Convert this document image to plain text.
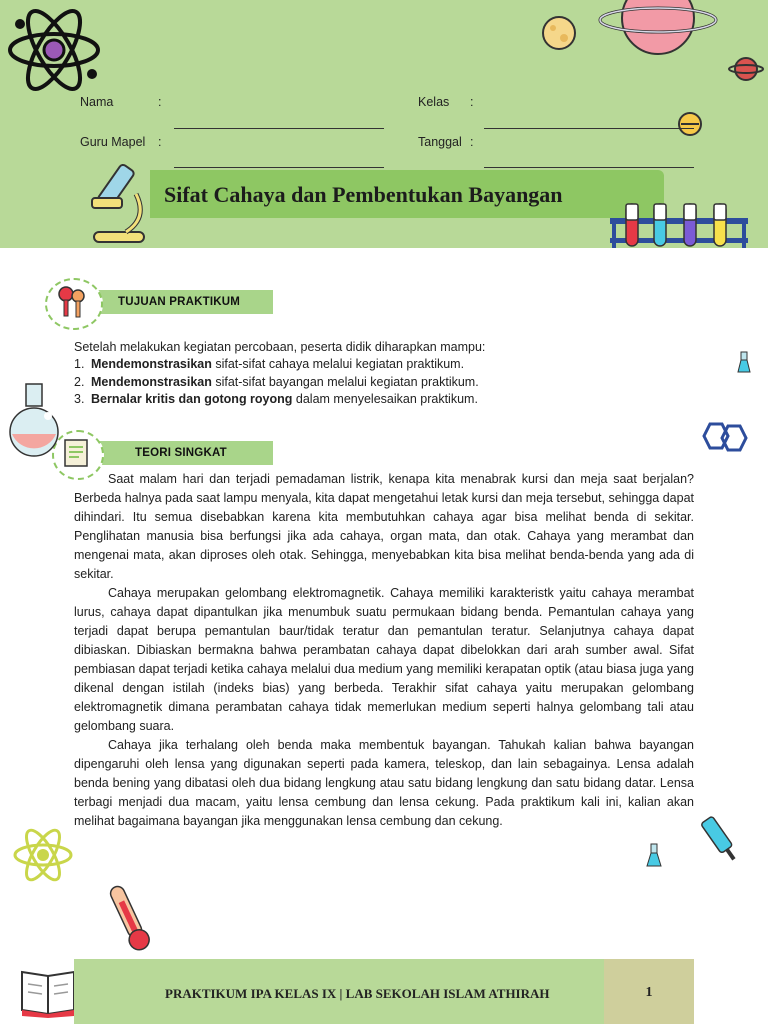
Nama	:	Kelas :
Guru Mapel :	Tanggal :
Sifat Cahaya dan Pembentukan Bayangan
TUJUAN PRAKTIKUM
Setelah melakukan kegiatan percobaan, peserta didik diharapkan mampu:
1. Mendemonstrasikan sifat-sifat cahaya melalui kegiatan praktikum.
2. Mendemonstrasikan sifat-sifat bayangan melalui kegiatan praktikum.
3. Bernalar kritis dan gotong royong dalam menyelesaikan praktikum.
TEORI SINGKAT

Saat malam hari dan terjadi pemadaman listrik, kenapa kita menabrak kursi dan meja saat berjalan? Berbeda halnya pada saat lampu menyala, kita dapat mengetahui letak kursi dan meja tersebut, sehingga dapat dihindari. Itu semua disebabkan karena kita membutuhkan cahaya agar bisa melihat benda di sekitar. Penglihatan manusia bisa berfungsi jika ada cahaya, organ mata, dan otak. Cahaya yang merambat dan mengenai mata, akan diproses oleh otak. Sehingga, menyebabkan kita bisa melihat benda-benda yang ada di sekitar.

Cahaya merupakan gelombang elektromagnetik. Cahaya memiliki karakteristk yaitu cahaya merambat lurus, cahaya dapat dipantulkan jika menumbuk suatu permukaan bidang benda. Pemantulan cahaya yang terjadi dapat berupa pemantulan baur/tidak teratur dan pemantulan teratur. Selanjutnya cahaya dapat dibiaskan. Dibiaskan bermakna bahwa perambatan cahaya dapat dibelokkan dari arah sumber awal. Sifat pembiasan dapat terjadi ketika cahaya melalui dua medium yang memiliki kerapatan optik (atau biasa juga yang dikenal dengan istilah (indeks bias) yang berbeda. Terakhir sifat cahaya yaitu merupakan gelombang elektromagnetik dimana perambatan cahaya tidak memerlukan medium seperti halnya gelombang tali atau gelombang suara.

Cahaya jika terhalang oleh benda maka membentuk bayangan. Tahukah kalian bahwa bayangan dipengaruhi oleh lensa yang digunakan seperti pada kamera, teleskop, dan lain sebagainya. Lensa adalah benda bening yang dibatasi oleh dua bidang lengkung atau satu bidang lengkung dan satu bidang datar. Lensa terbagi menjadi dua macam, yaitu lensa cembung dan lensa cekung. Pada praktikum kali ini, kalian akan melihat bagaimana bayangan jika menggunakan lensa cembung dan cekung.

PRAKTIKUM IPA KELAS IX | LAB SEKOLAH ISLAM ATHIRAH	1
